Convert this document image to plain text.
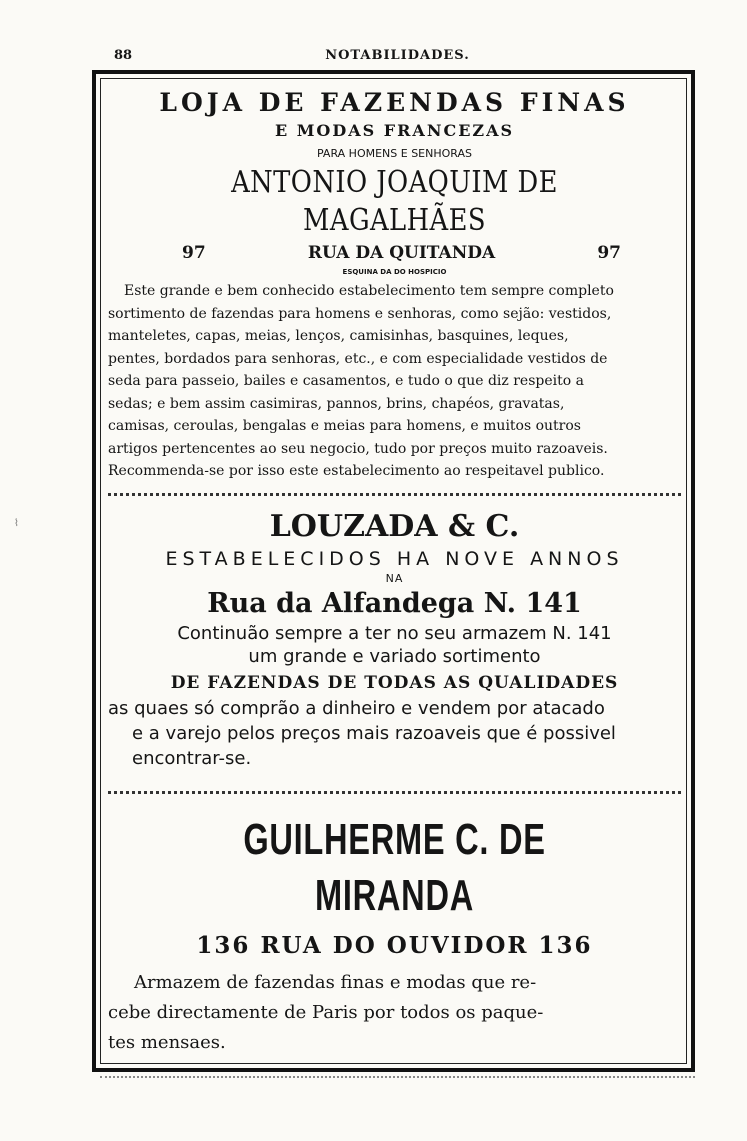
88	NOTABILIDADES.
⌇
LOJA DE FAZENDAS FINAS
E MODAS FRANCEZAS
PARA HOMENS E SENHORAS
ANTONIO JOAQUIM DE MAGALHÃES
97	RUA DA QUITANDA	97
ESQUINA DA DO HOSPICIO
Este grande e bem conhecido estabelecimento tem sempre completo
sortimento de fazendas para homens e senhoras, como sejão: vestidos,
manteletes, capas, meias, lenços, camisinhas, basquines, leques,
pentes, bordados para senhoras, etc., e com especialidade vestidos de
seda para passeio, bailes e casamentos, e tudo o que diz respeito a
sedas; e bem assim casimiras, pannos, brins, chapéos, gravatas,
camisas, ceroulas, bengalas e meias para homens, e muitos outros
artigos pertencentes ao seu negocio, tudo por preços muito razoaveis.
Recommenda-se por isso este estabelecimento ao respeitavel publico.
LOUZADA & C.
ESTABELECIDOS HA NOVE ANNOS
NA
Rua da Alfandega N. 141
Continuão sempre a ter no seu armazem N. 141
um grande e variado sortimento
DE FAZENDAS DE TODAS AS QUALIDADES
as quaes só comprão a dinheiro e vendem por atacado
e a varejo pelos preços mais razoaveis que é possivel
encontrar-se.
GUILHERME C. DE MIRANDA
136 RUA DO OUVIDOR 136
Armazem de fazendas finas e modas que re-
cebe directamente de Paris por todos os paque-
tes mensaes.
